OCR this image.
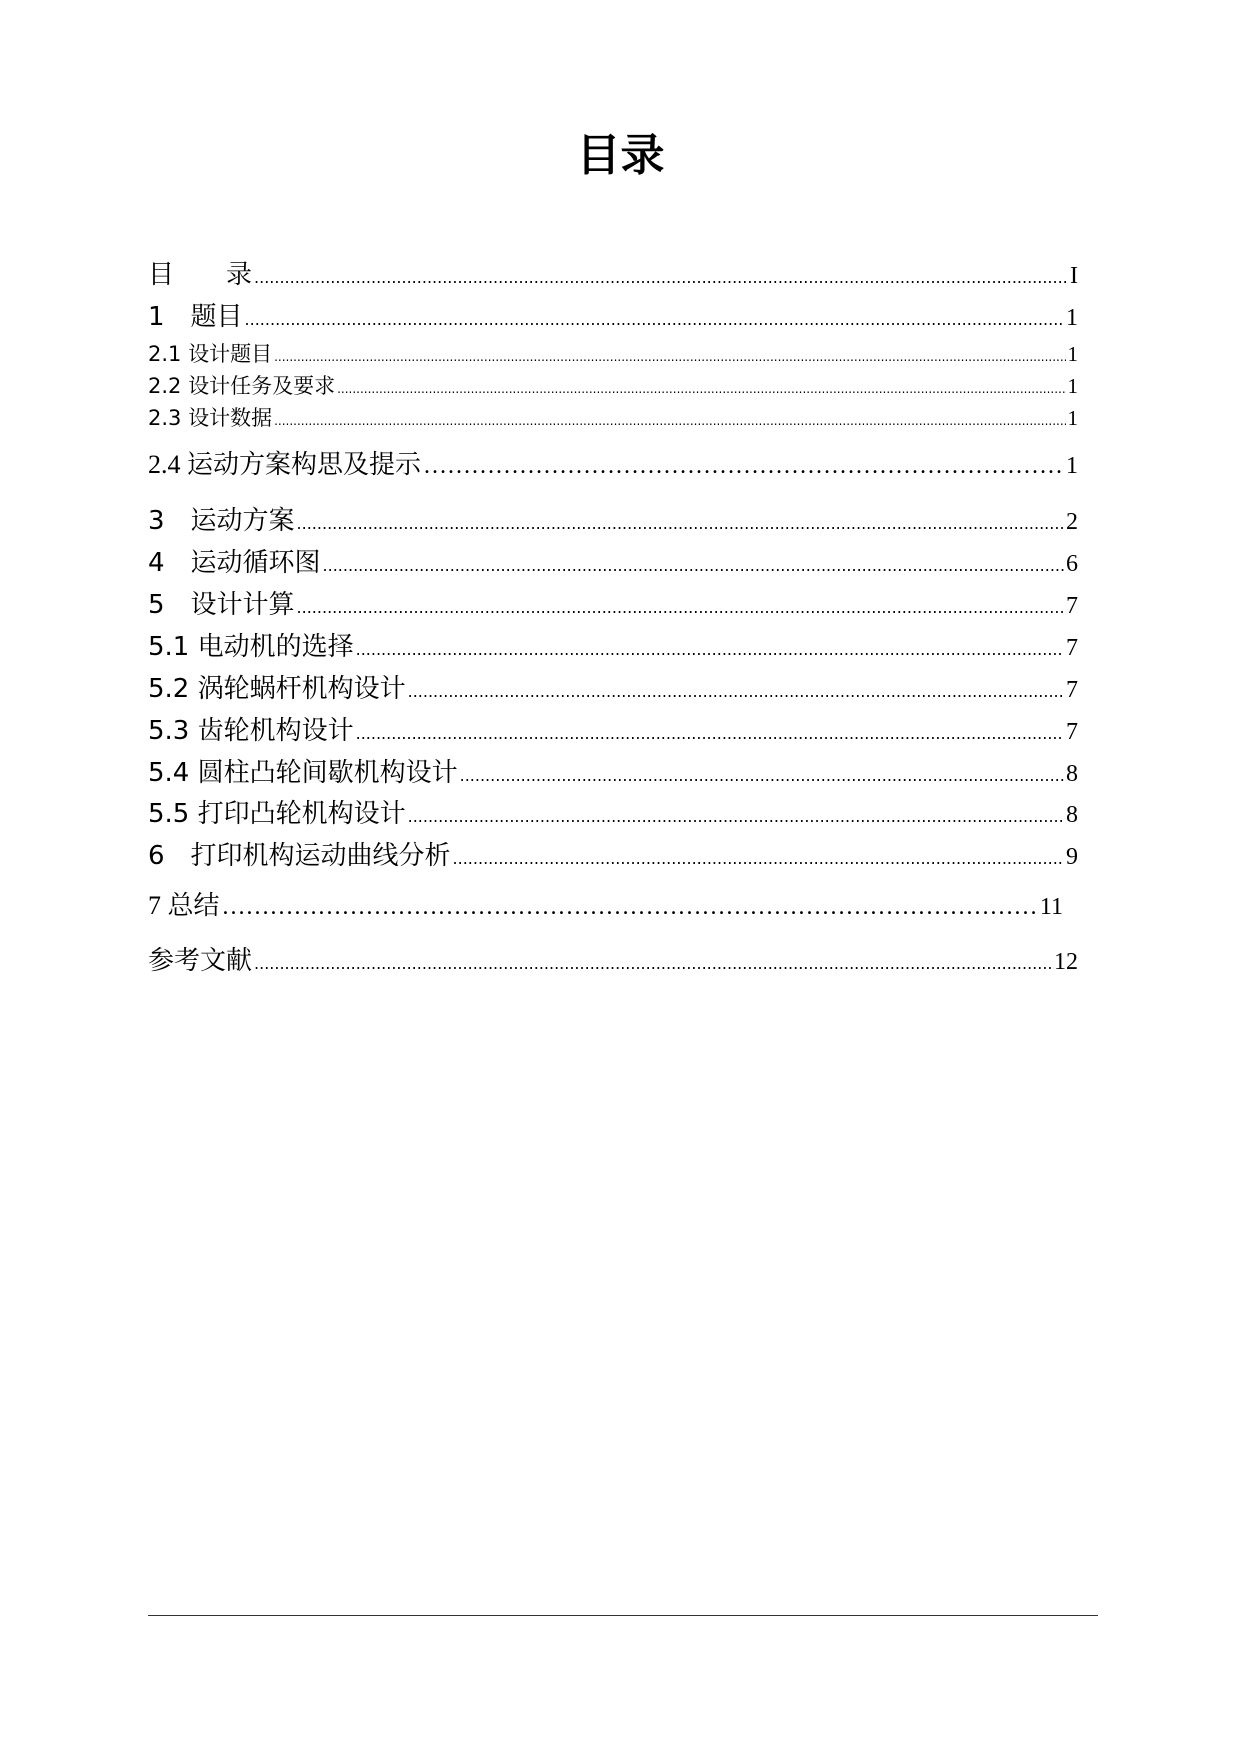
目录
目　　录 .....	I
1　题目 .....	1
2.1 设计题目 .....	1
2.2 设计任务及要求 .....	1
2.3 设计数据 .....	1
2.4 运动方案构思及提示 ……………………………………………………………………………………………………………………………………………………………………………………………………………………	1
3　运动方案 .....	2
4　运动循环图 .....	6
5　设计计算 .....	7
5.1 电动机的选择 .....	7
5.2 涡轮蜗杆机构设计 .....	7
5.3 齿轮机构设计 .....	7
5.4 圆柱凸轮间歇机构设计 .....	8
5.5 打印凸轮机构设计 .....	8
6　打印机构运动曲线分析 .....	9
7 总结 ……………………………………………………………………………………………………………………………………………………………………………………………………………………	11
参考文献 .....	12
